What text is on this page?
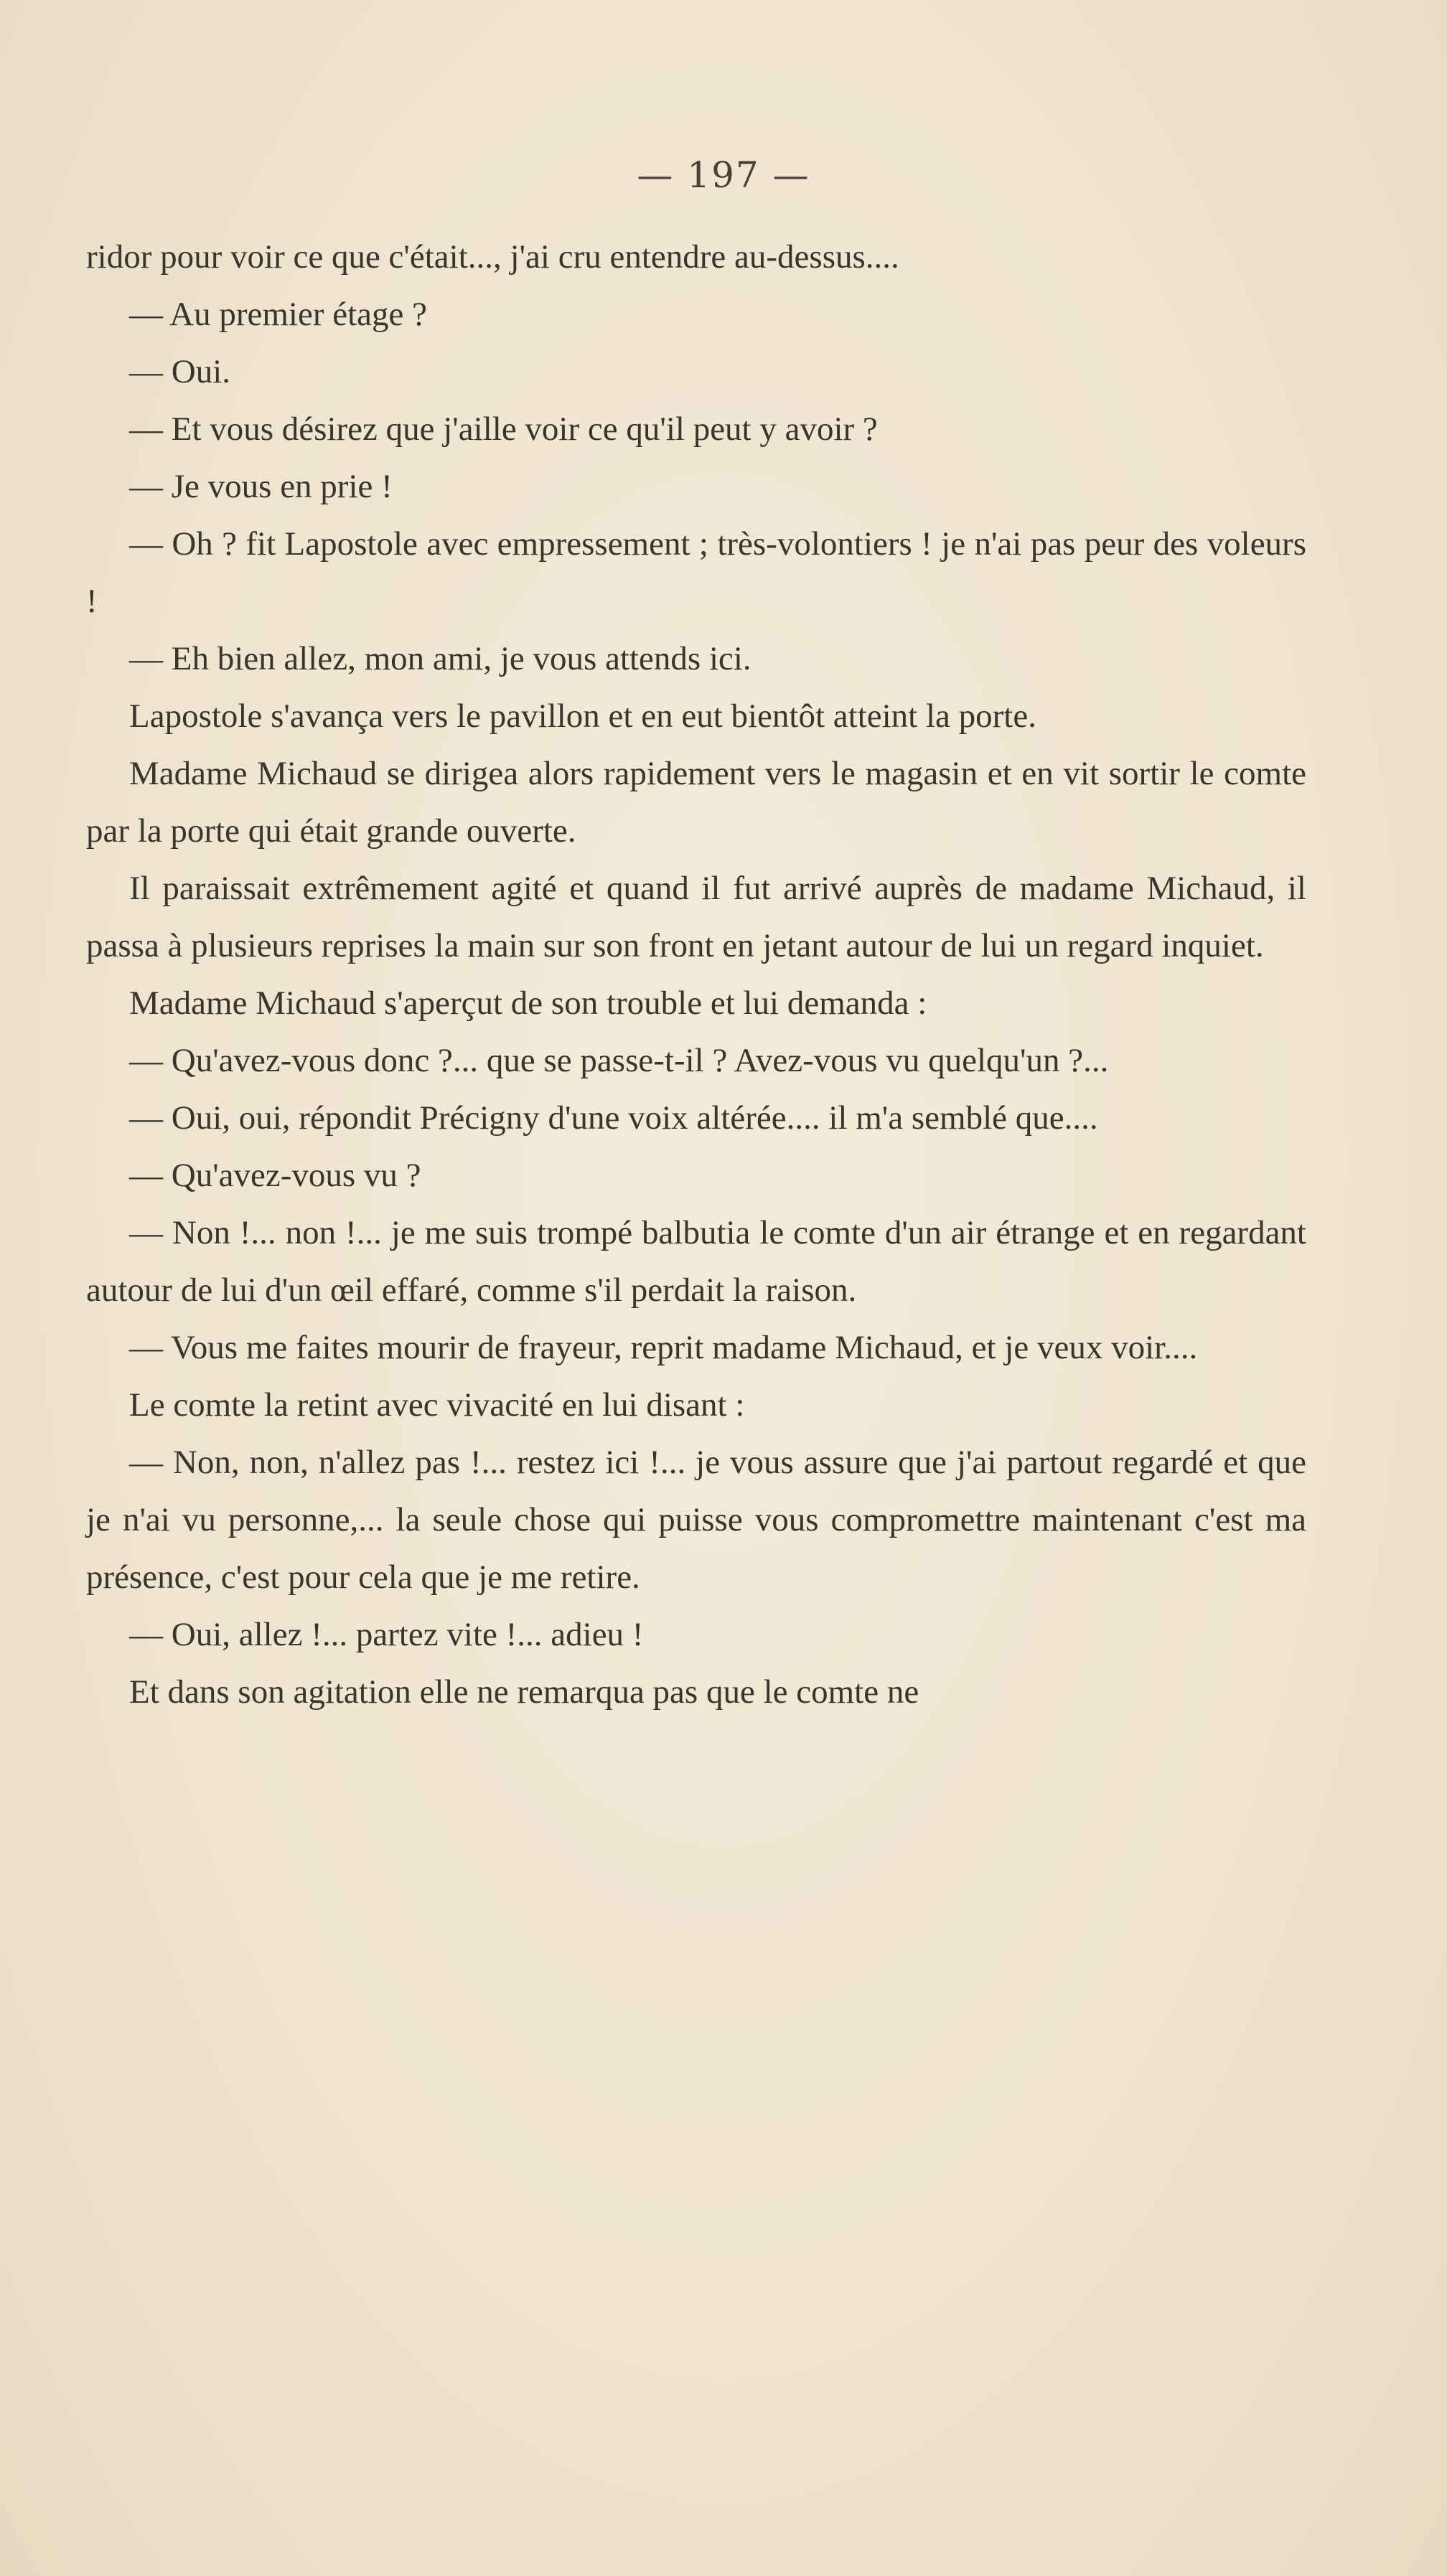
— 197 —

ridor pour voir ce que c'était..., j'ai cru entendre au-dessus....

— Au premier étage ?

— Oui.

— Et vous désirez que j'aille voir ce qu'il peut y avoir ?

— Je vous en prie !

— Oh ? fit Lapostole avec empressement ; très-volontiers ! je n'ai pas peur des voleurs !

— Eh bien allez, mon ami, je vous attends ici.

Lapostole s'avança vers le pavillon et en eut bientôt atteint la porte.

Madame Michaud se dirigea alors rapidement vers le magasin et en vit sortir le comte par la porte qui était grande ouverte.

Il paraissait extrêmement agité et quand il fut arrivé auprès de madame Michaud, il passa à plusieurs reprises la main sur son front en jetant autour de lui un regard inquiet.

Madame Michaud s'aperçut de son trouble et lui demanda :

— Qu'avez-vous donc ?... que se passe-t-il ? Avez-vous vu quelqu'un ?...

— Oui, oui, répondit Précigny d'une voix altérée.... il m'a semblé que....

— Qu'avez-vous vu ?

— Non !... non !... je me suis trompé balbutia le comte d'un air étrange et en regardant autour de lui d'un œil effaré, comme s'il perdait la raison.

— Vous me faites mourir de frayeur, reprit madame Michaud, et je veux voir....

Le comte la retint avec vivacité en lui disant :

— Non, non, n'allez pas !... restez ici !... je vous assure que j'ai partout regardé et que je n'ai vu personne,... la seule chose qui puisse vous compromettre maintenant c'est ma présence, c'est pour cela que je me retire.

— Oui, allez !... partez vite !... adieu !

Et dans son agitation elle ne remarqua pas que le comte ne
